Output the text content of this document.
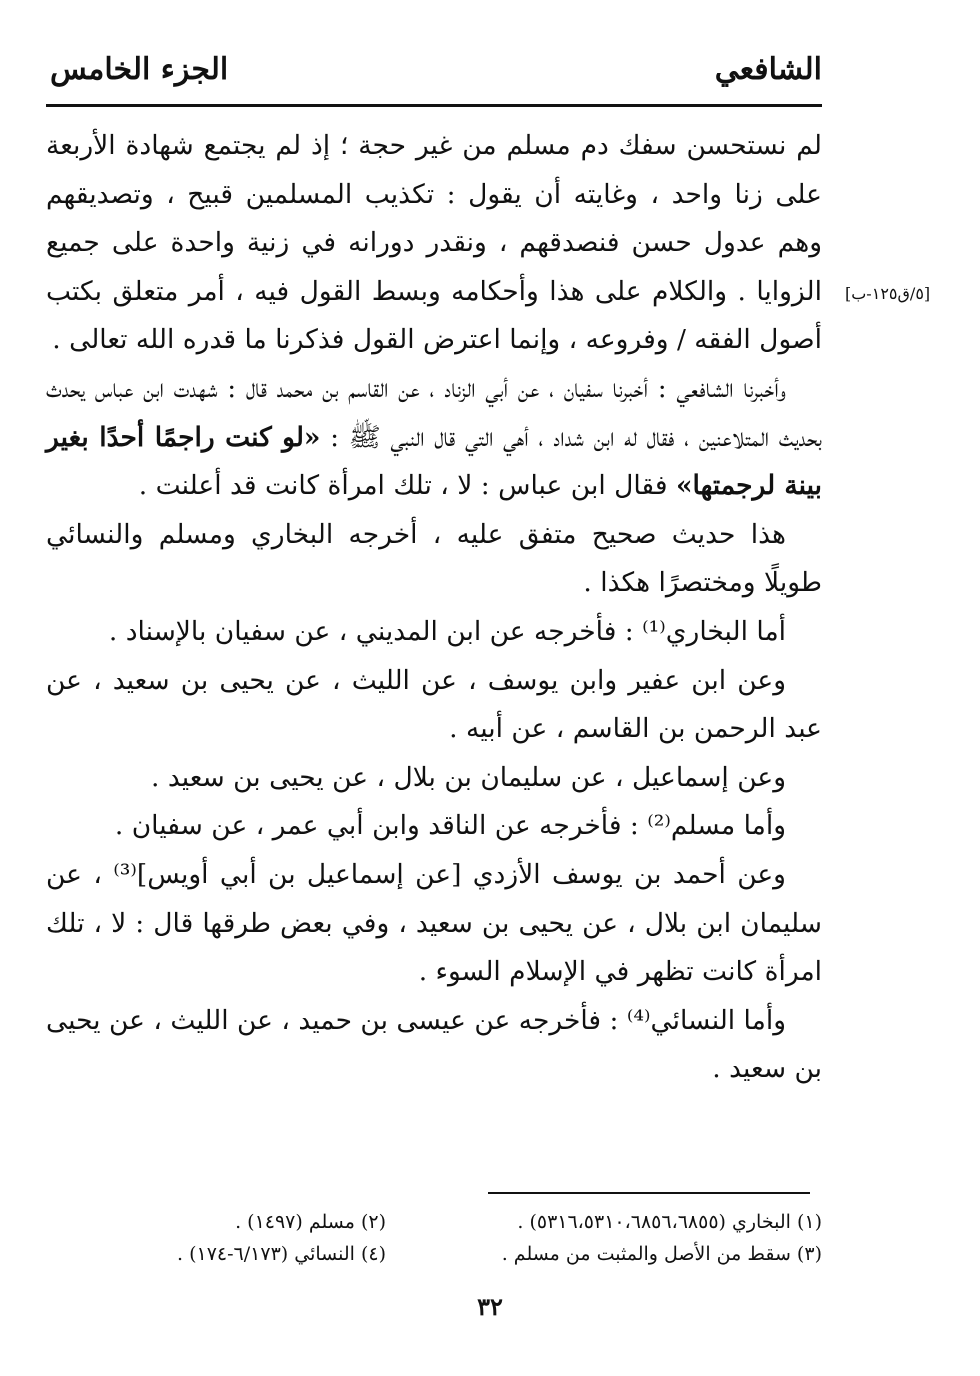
الشافعي
الجزء الخامس
[٥/ق١٢٥-ب]

لم نستحسن سفك دم مسلم من غير حجة ؛ إذ لم يجتمع شهادة الأربعة على زنا واحد ، وغايته أن يقول : تكذيب المسلمين قبيح ، وتصديقهم وهم عدول حسن فنصدقهم ، ونقدر دورانه في زنية واحدة على جميع الزوايا . والكلام على هذا وأحكامه وبسط القول فيه ، أمر متعلق بكتب أصول الفقه / وفروعه ، وإنما اعترض القول فذكرنا ما قدره الله تعالى .

وأخبرنا الشافعي : أخبرنا سفيان ، عن أبي الزناد ، عن القاسم بن محمد قال : شهدت ابن عباس يحدث بحديث المتلاعنين ، فقال له ابن شداد ، أهي التي قال النبي ﷺ : «لو كنت راجمًا أحدًا بغير بينة لرجمتها» فقال ابن عباس : لا ، تلك امرأة كانت قد أعلنت .

هذا حديث صحيح متفق عليه ، أخرجه البخاري ومسلم والنسائي طويلًا ومختصرًا هكذا .

أما البخاري⁽¹⁾ : فأخرجه عن ابن المديني ، عن سفيان بالإسناد .

وعن ابن عفير وابن يوسف ، عن الليث ، عن يحيى بن سعيد ، عن عبد الرحمن بن القاسم ، عن أبيه .

وعن إسماعيل ، عن سليمان بن بلال ، عن يحيى بن سعيد .

وأما مسلم⁽²⁾ : فأخرجه عن الناقد وابن أبي عمر ، عن سفيان .

وعن أحمد بن يوسف الأزدي [عن إسماعيل بن أبي أويس]⁽³⁾ ، عن سليمان ابن بلال ، عن يحيى بن سعيد ، وفي بعض طرقها قال : لا ، تلك امرأة كانت تظهر في الإسلام السوء .

وأما النسائي⁽⁴⁾ : فأخرجه عن عيسى بن حميد ، عن الليث ، عن يحيى بن سعيد .

(١) البخاري (٥٣١٦،٥٣١٠،٦٨٥٦،٦٨٥٥) .
(٢) مسلم (١٤٩٧) .
(٣) سقط من الأصل والمثبت من مسلم .
(٤) النسائي (٦/١٧٣-١٧٤) .
٣٢
